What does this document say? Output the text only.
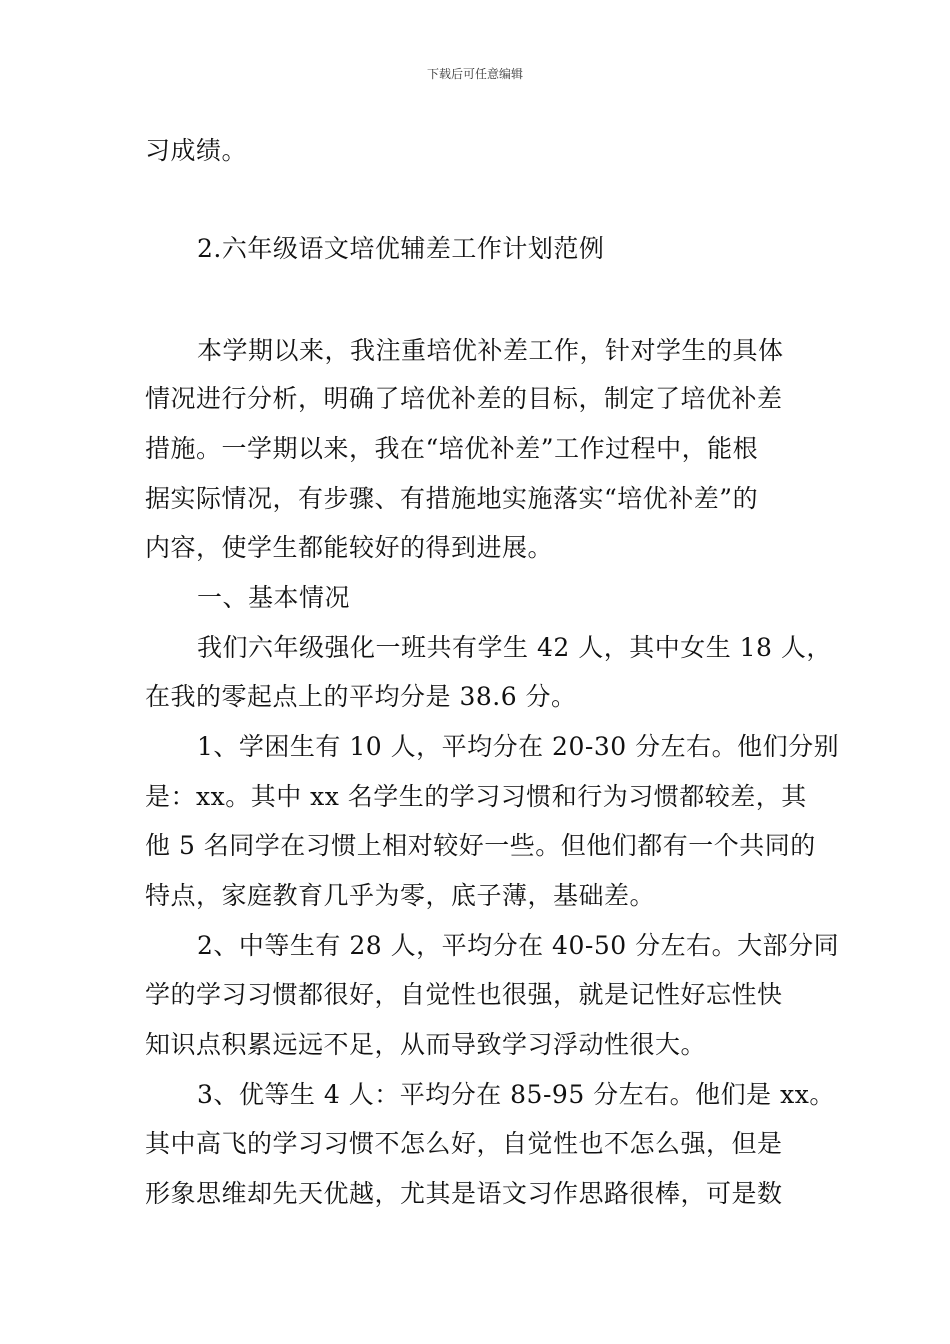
下载后可任意编辑
习成绩。
2.六年级语文培优辅差工作计划范例
本学期以来，我注重培优补差工作，针对学生的具体
情况进行分析，明确了培优补差的目标，制定了培优补差
措施。一学期以来，我在“培优补差”工作过程中，能根
据实际情况，有步骤、有措施地实施落实“培优补差”的
内容，使学生都能较好的得到进展。
一、基本情况
我们六年级强化一班共有学生 42 人，其中女生 18 人，
在我的零起点上的平均分是 38.6 分。
1、学困生有 10 人，平均分在 20-30 分左右。他们分别
是：xx。其中 xx 名学生的学习习惯和行为习惯都较差，其
他 5 名同学在习惯上相对较好一些。但他们都有一个共同的
特点，家庭教育几乎为零，底子薄，基础差。
2、中等生有 28 人，平均分在 40-50 分左右。大部分同
学的学习习惯都很好，自觉性也很强，就是记性好忘性快
知识点积累远远不足，从而导致学习浮动性很大。
3、优等生 4 人：平均分在 85-95 分左右。他们是 xx。
其中高飞的学习习惯不怎么好，自觉性也不怎么强，但是
形象思维却先天优越，尤其是语文习作思路很棒，可是数
